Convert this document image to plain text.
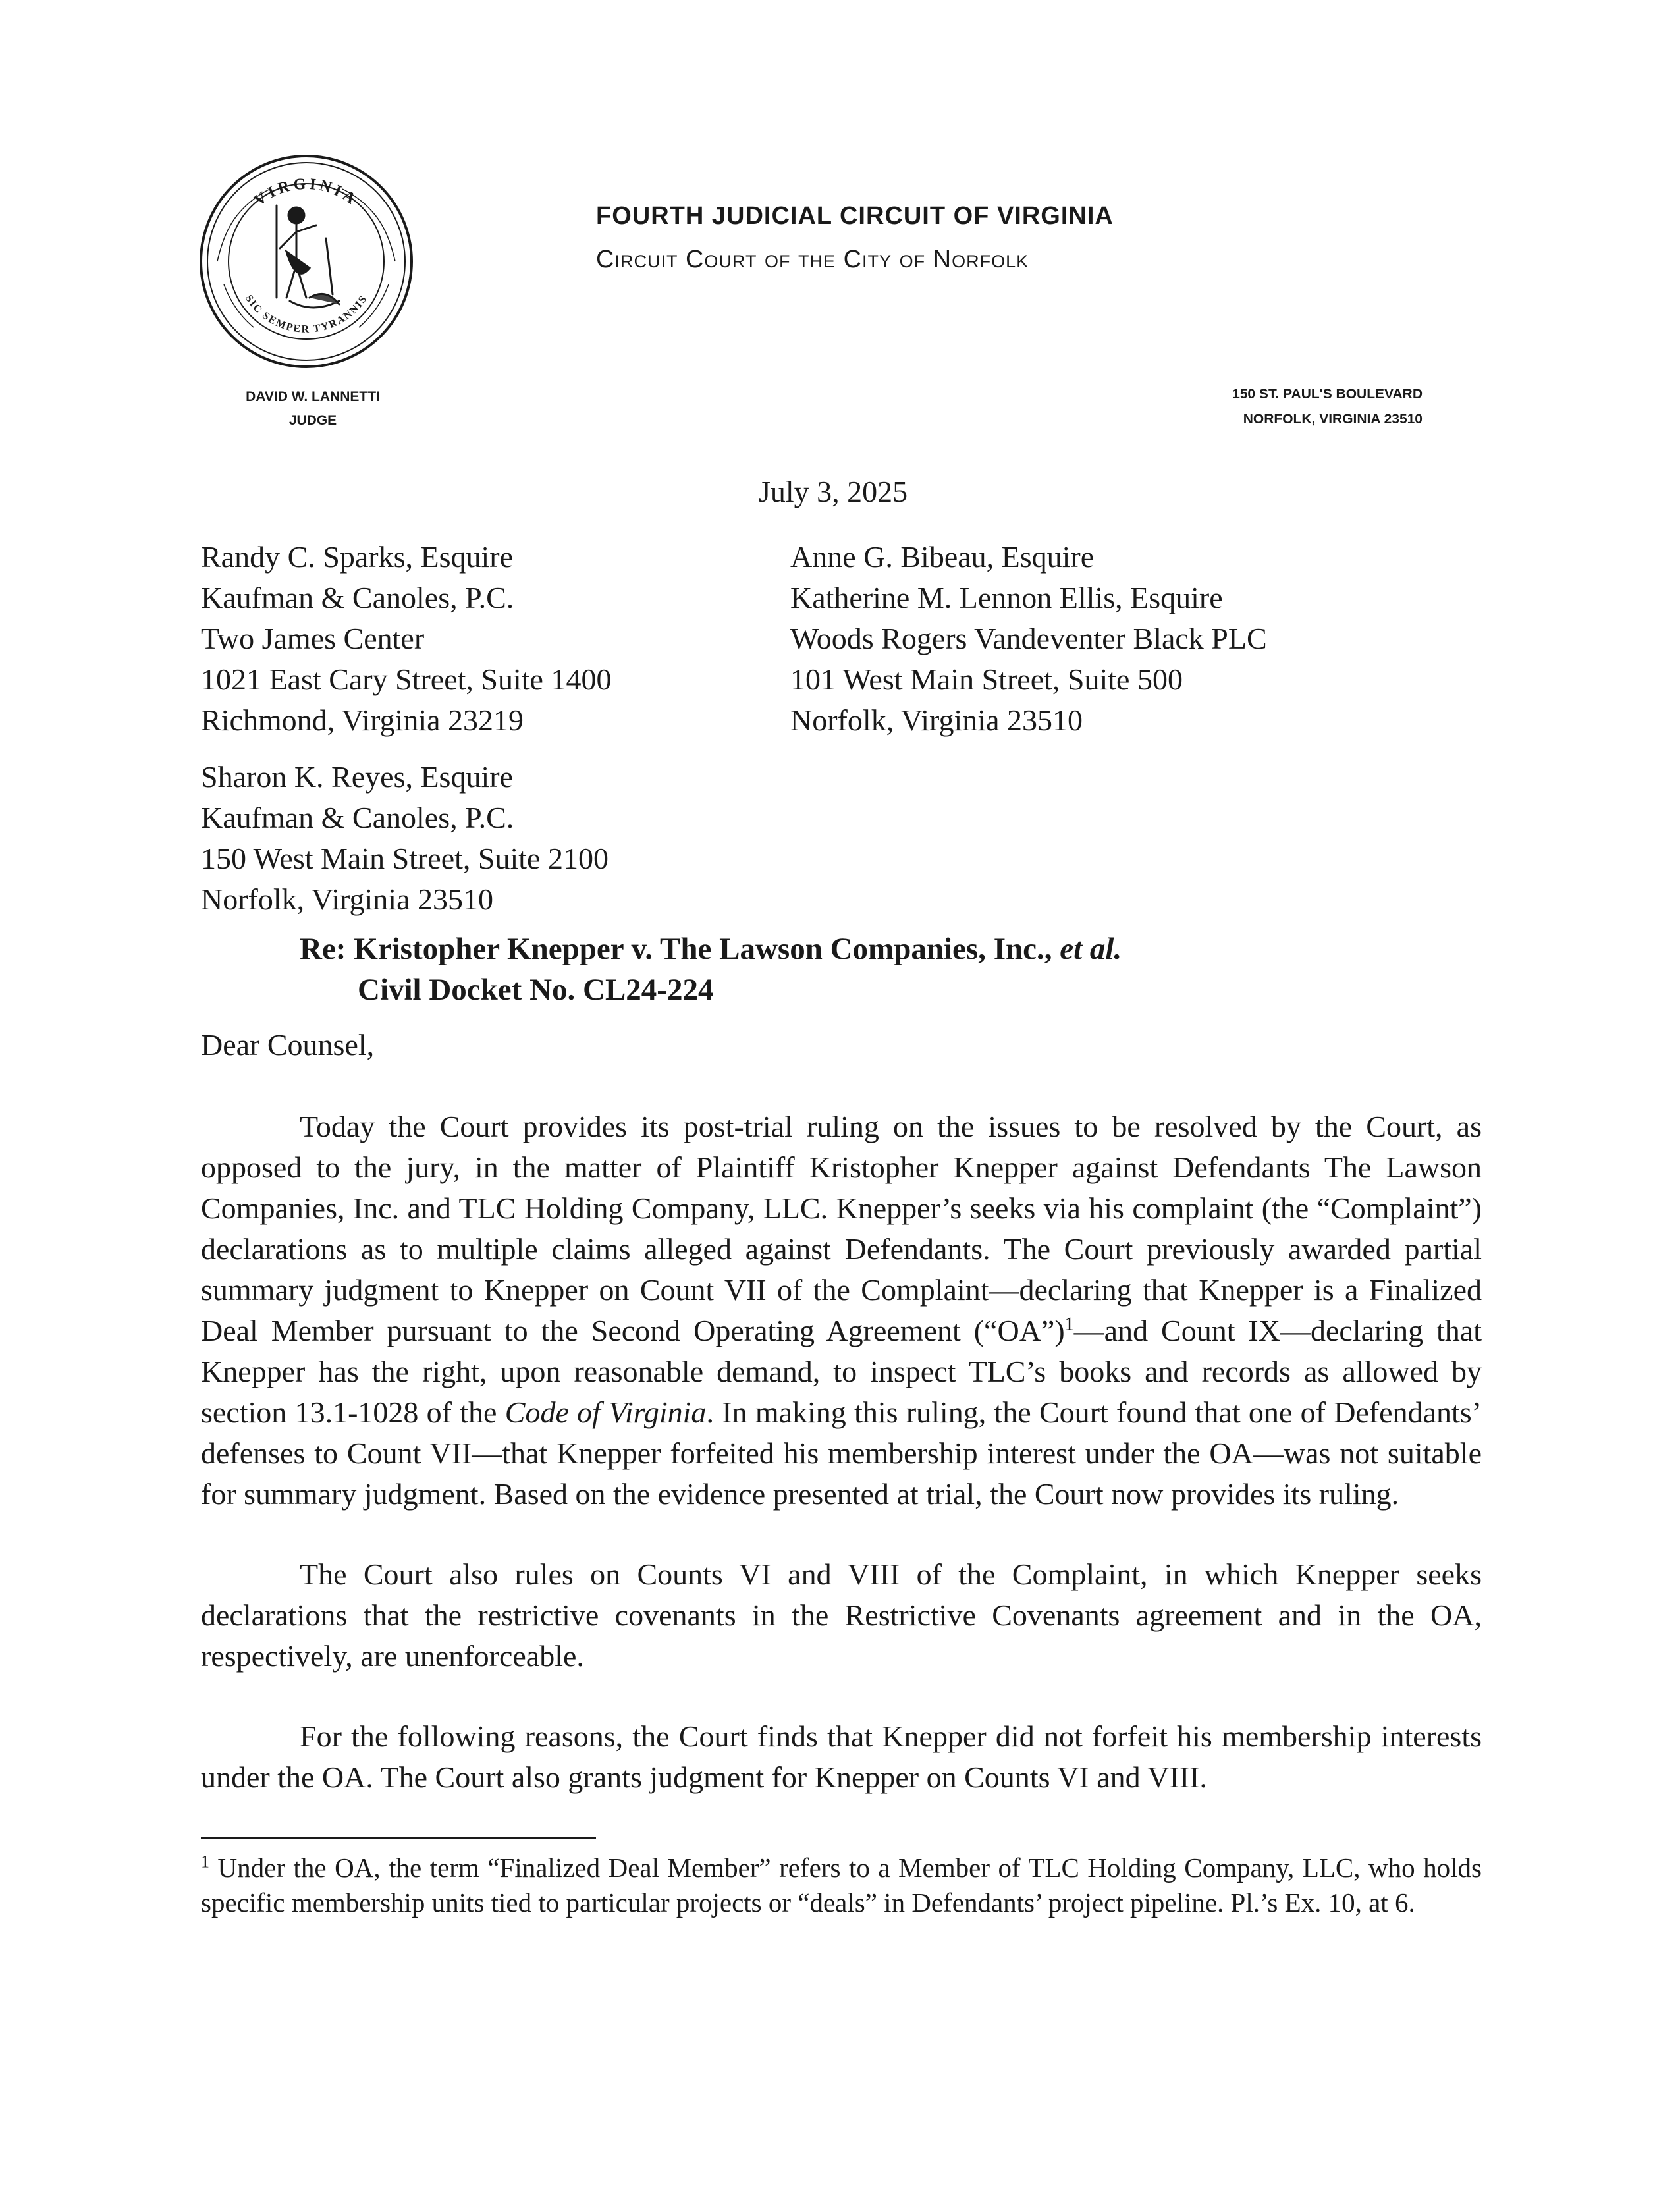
VIRGINIA
SIC SEMPER TYRANNIS
FOURTH JUDICIAL CIRCUIT OF VIRGINIA
Circuit Court of the City of Norfolk
DAVID W. LANNETTI
JUDGE
150 ST. PAUL'S BOULEVARD
NORFOLK, VIRGINIA 23510
July 3, 2025
Randy C. Sparks, Esquire
Kaufman & Canoles, P.C.
Two James Center
1021 East Cary Street, Suite 1400
Richmond, Virginia 23219
Sharon K. Reyes, Esquire
Kaufman & Canoles, P.C.
150 West Main Street, Suite 2100
Norfolk, Virginia 23510
Anne G. Bibeau, Esquire
Katherine M. Lennon Ellis, Esquire
Woods Rogers Vandeventer Black PLC
101 West Main Street, Suite 500
Norfolk, Virginia 23510
Re: Kristopher Knepper v. The Lawson Companies, Inc., et al.
Civil Docket No. CL24-224
Dear Counsel,

Today the Court provides its post-trial ruling on the issues to be resolved by the Court, as opposed to the jury, in the matter of Plaintiff Kristopher Knepper against Defendants The Lawson Companies, Inc. and TLC Holding Company, LLC. Knepper’s seeks via his complaint (the “Complaint”) declarations as to multiple claims alleged against Defendants. The Court previously awarded partial summary judgment to Knepper on Count VII of the Complaint—declaring that Knepper is a Finalized Deal Member pursuant to the Second Operating Agreement (“OA”)$^1$—and Count IX—declaring that Knepper has the right, upon reasonable demand, to inspect TLC’s books and records as allowed by section 13.1-1028 of the Code of Virginia. In making this ruling, the Court found that one of Defendants’ defenses to Count VII—that Knepper forfeited his membership interest under the OA—was not suitable for summary judgment. Based on the evidence presented at trial, the Court now provides its ruling.

The Court also rules on Counts VI and VIII of the Complaint, in which Knepper seeks declarations that the restrictive covenants in the Restrictive Covenants agreement and in the OA, respectively, are unenforceable.

For the following reasons, the Court finds that Knepper did not forfeit his membership interests under the OA. The Court also grants judgment for Knepper on Counts VI and VIII.

$^1$ Under the OA, the term “Finalized Deal Member” refers to a Member of TLC Holding Company, LLC, who holds specific membership units tied to particular projects or “deals” in Defendants’ project pipeline. Pl.’s Ex. 10, at 6.
